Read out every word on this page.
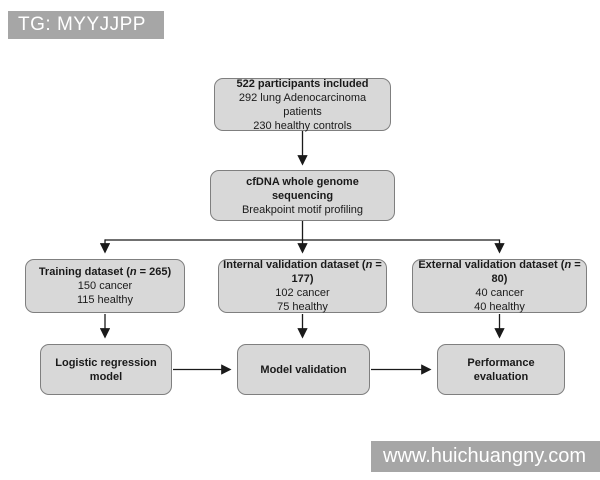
TG: MYYJJPP
www.huichuangny.com
522 participants included
292 lung Adenocarcinoma patients
230 healthy controls
cfDNA whole genome sequencing
Breakpoint motif profiling
Training dataset (n = 265)
150 cancer
115 healthy
Internal validation dataset (n = 177)
102 cancer
75 healthy
External validation dataset (n = 80)
40 cancer
40 healthy
Logistic regression model
Model validation
Performance evaluation
